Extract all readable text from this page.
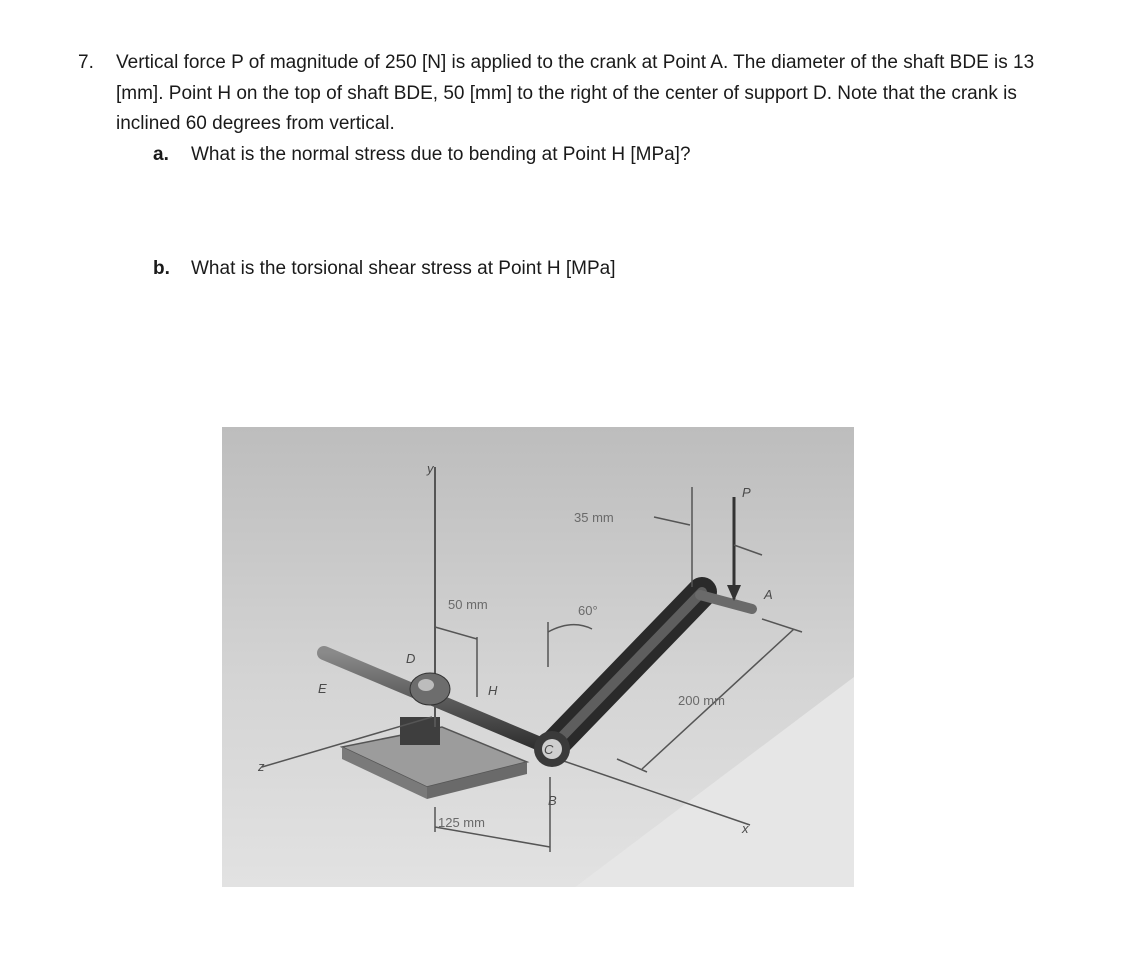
7.	Vertical force P of magnitude of 250 [N] is applied to the crank at Point A. The diameter of the shaft BDE is 13 [mm]. Point H on the top of shaft BDE, 50 [mm] to the right of the center of support D. Note that the crank is inclined 60 degrees from vertical.
a.	What is the normal stress due to bending at Point H [MPa]?
b.	What is the torsional shear stress at Point H [MPa]
y
z
x
P
35 mm
A
200 mm
60°
50 mm
D
E
B
H
C
125 mm
